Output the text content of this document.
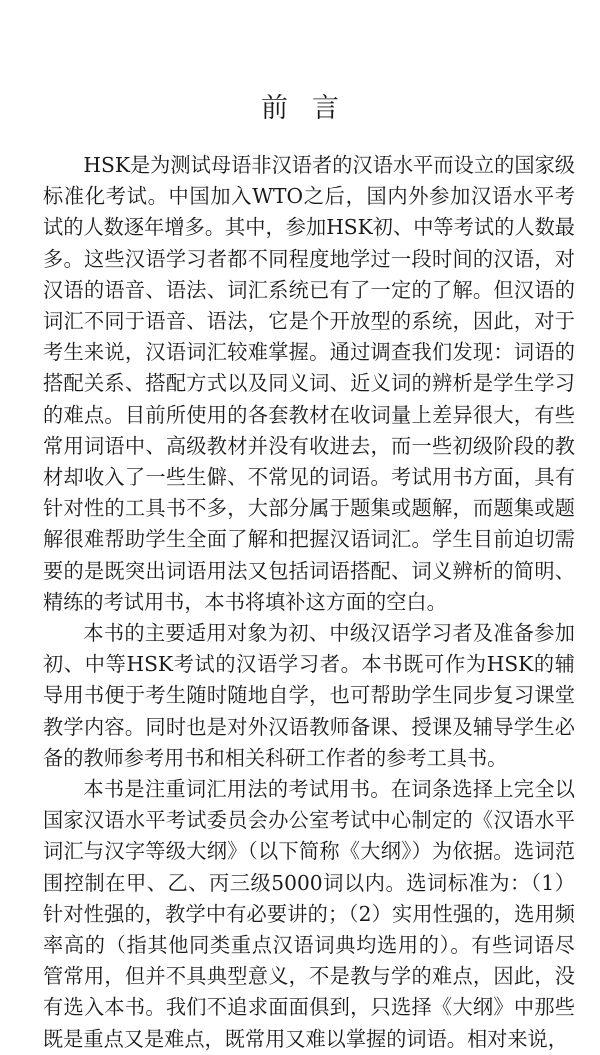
前言

HSK是为测试母语非汉语者的汉语水平而设立的国家级标准化考试。中国加入WTO之后，国内外参加汉语水平考试的人数逐年增多。其中，参加HSK初、中等考试的人数最多。这些汉语学习者都不同程度地学过一段时间的汉语，对汉语的语音、语法、词汇系统已有了一定的了解。但汉语的词汇不同于语音、语法，它是个开放型的系统，因此，对于考生来说，汉语词汇较难掌握。通过调查我们发现：词语的搭配关系、搭配方式以及同义词、近义词的辨析是学生学习的难点。目前所使用的各套教材在收词量上差异很大，有些常用词语中、高级教材并没有收进去，而一些初级阶段的教材却收入了一些生僻、不常见的词语。考试用书方面，具有针对性的工具书不多，大部分属于题集或题解，而题集或题解很难帮助学生全面了解和把握汉语词汇。学生目前迫切需要的是既突出词语用法又包括词语搭配、词义辨析的简明、精练的考试用书，本书将填补这方面的空白。

本书的主要适用对象为初、中级汉语学习者及准备参加初、中等HSK考试的汉语学习者。本书既可作为HSK的辅导用书便于考生随时随地自学，也可帮助学生同步复习课堂教学内容。同时也是对外汉语教师备课、授课及辅导学生必备的教师参考用书和相关科研工作者的参考工具书。

本书是注重词汇用法的考试用书。在词条选择上完全以国家汉语水平考试委员会办公室考试中心制定的《汉语水平词汇与汉字等级大纲》（以下简称《大纲》）为依据。选词范围控制在甲、乙、丙三级5000词以内。选词标准为：（1）针对性强的，教学中有必要讲的；（2）实用性强的，选用频率高的（指其他同类重点汉语词典均选用的）。有些词语尽管常用，但并不具典型意义，不是教与学的难点，因此，没有选入本书。我们不追求面面俱到，只选择《大纲》中那些既是重点又是难点，既常用又难以掌握的词语。相对来说，
